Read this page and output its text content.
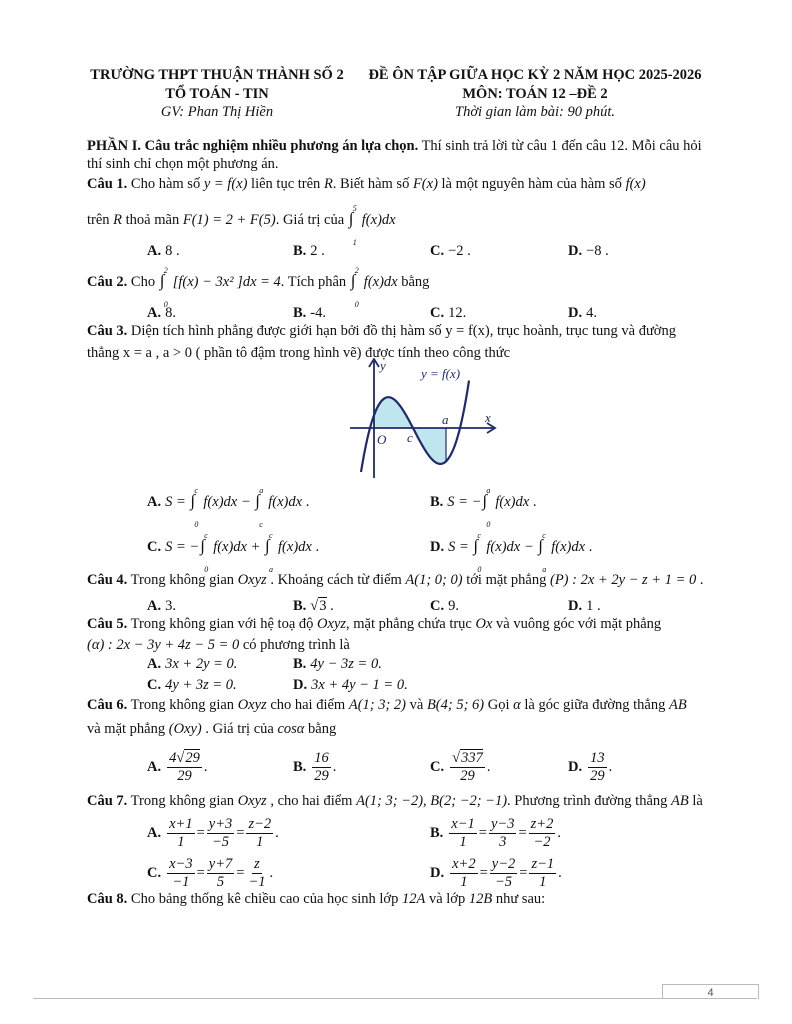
TRƯỜNG THPT THUẬN THÀNH SỐ 2
TỔ TOÁN - TIN
GV: Phan Thị Hiền
ĐỀ ÔN TẬP GIỮA HỌC KỲ 2 NĂM HỌC 2025-2026
MÔN: TOÁN 12 –ĐỀ 2
Thời gian làm bài: 90 phút.
PHẦN I. Câu trắc nghiệm nhiều phương án lựa chọn. Thí sinh trả lời từ câu 1 đến câu 12. Mỗi câu hỏi
thí sinh chỉ chọn một phương án.
Câu 1. Cho hàm số y = f(x) liên tục trên R. Biết hàm số F(x) là một nguyên hàm của hàm số f(x)
trên R thoả mãn F(1) = 2 + F(5). Giá trị của ∫
5
1
f(x)dx
A. 8 .	B. 2 .	C. −2 .	D. −8 .
Câu 2. Cho ∫
2
0
[f(x) − 3x² ]dx = 4. Tích phân ∫
2
0
f(x)dx bằng
A. 8.	B. -4.	C. 12.	D. 4.
Câu 3. Diện tích hình phẳng được giới hạn bởi đồ thị hàm số y = f(x), trục hoành, trục tung và đường
thẳng x = a , a > 0 ( phần tô đậm trong hình vẽ) được tính theo công thức
O c
a	x
y
y = f(x)
A. S = ∫
c
0
f(x)dx − ∫
a
c
f(x)dx .	B. S = − ∫
a
0
f(x)dx .
C. S = − ∫
c
0
f(x)dx + ∫
c
a
f(x)dx .	D. S = ∫
c
0
f(x)dx − ∫
c
a
f(x)dx .
Câu 4. Trong không gian Oxyz . Khoảng cách từ điểm A(1; 0; 0) tới mặt phẳng (P) : 2x + 2y − z + 1 = 0 .
A. 3.	B. √3 .	C. 9.	D. 1 .
Câu 5. Trong không gian với hệ toạ độ Oxyz, mặt phẳng chứa trục Ox và vuông góc với mặt phẳng
(α) : 2x − 3y + 4z − 5 = 0 có phương trình là
A. 3x + 2y = 0.	B. 4y − 3z = 0.
C. 4y + 3z = 0.	D. 3x + 4y − 1 = 0.
Câu 6. Trong không gian Oxyz cho hai điểm A(1; 3; 2) và B(4; 5; 6) Gọi α là góc giữa đường thẳng AB
và mặt phẳng (Oxy) . Giá trị của cosα bằng
A. $\frac{4√29}{29}$ .	B. $\frac{16}{29}$ .	C. $\frac{√337}{29}$ .	D. $\frac{13}{29}$ .
Câu 7. Trong không gian Oxyz , cho hai điểm A(1; 3; −2), B(2; −2; −1). Phương trình đường thẳng AB là
A. $\frac{x+1}{1} = \frac{y+3}{-5} = \frac{z-2}{1}$ .	B. $\frac{x-1}{1} = \frac{y-3}{3} = \frac{z+2}{-2}$ .
C. $\frac{x-3}{-1} = \frac{y+7}{5} = \frac{z}{-1}$ .	D. $\frac{x+2}{1} = \frac{y-2}{-5} = \frac{z-1}{1}$ .
Câu 8. Cho bảng thống kê chiều cao của học sinh lớp 12A và lớp 12B như sau:
4
